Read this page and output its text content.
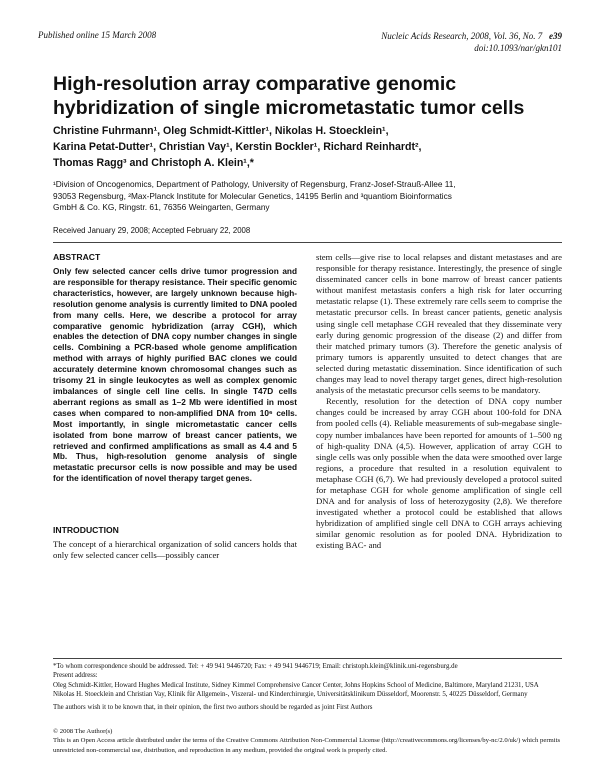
Published online 15 March 2008	Nucleic Acids Research, 2008, Vol. 36, No. 7 e39
doi:10.1093/nar/gkn101
High-resolution array comparative genomic
hybridization of single micrometastatic tumor cells
Christine Fuhrmann¹, Oleg Schmidt-Kittler¹, Nikolas H. Stoecklein¹,
Karina Petat-Dutter¹, Christian Vay¹, Kerstin Bockler¹, Richard Reinhardt²,
Thomas Ragg³ and Christoph A. Klein¹,*
¹Division of Oncogenomics, Department of Pathology, University of Regensburg, Franz-Josef-Strauß-Allee 11,
93053 Regensburg, ²Max-Planck Institute for Molecular Genetics, 14195 Berlin and ³quantiom Bioinformatics
GmbH & Co. KG, Ringstr. 61, 76356 Weingarten, Germany
Received January 29, 2008; Accepted February 22, 2008
ABSTRACT

Only few selected cancer cells drive tumor progression and are responsible for therapy resistance. Their specific genomic characteristics, however, are largely unknown because high-resolution genome analysis is currently limited to DNA pooled from many cells. Here, we describe a protocol for array comparative genomic hybridization (array CGH), which enables the detection of DNA copy number changes in single cells. Combining a PCR-based whole genome amplification method with arrays of highly purified BAC clones we could accurately determine known chromosomal changes such as trisomy 21 in single leukocytes as well as complex genomic imbalances of single cell line cells. In single T47D cells aberrant regions as small as 1–2 Mb were identified in most cases when compared to non-amplified DNA from 10⁶ cells. Most importantly, in single micrometastatic cancer cells isolated from bone marrow of breast cancer patients, we retrieved and confirmed amplifications as small as 4.4 and 5 Mb. Thus, high-resolution genome analysis of single metastatic precursor cells is now possible and may be used for the identification of novel therapy target genes.

INTRODUCTION

The concept of a hierarchical organization of solid cancers holds that only few selected cancer cells—possibly cancer

stem cells—give rise to local relapses and distant metastases and are responsible for therapy resistance. Interestingly, the presence of single disseminated cancer cells in bone marrow of breast cancer patients without manifest metastasis confers a high risk for later occurring metastatic relapse (1). These extremely rare cells seem to comprise the metastatic precursor cells. In breast cancer patients, genetic analysis using single cell metaphase CGH revealed that they disseminate very early during genomic progression of the disease (2) and differ from their matched primary tumors (3). Therefore the genetic analysis of primary tumors is apparently unsuited to detect changes that are selected during metastatic dissemination. Since identification of such changes may lead to novel therapy target genes, direct high-resolution analysis of the metastatic precursor cells seems to be mandatory.

Recently, resolution for the detection of DNA copy number changes could be increased by array CGH about 100-fold for DNA from pooled cells (4). Reliable measurements of sub-megabase single-copy number imbalances have been reported for amounts of 1–500 ng of high-quality DNA (4,5). However, application of array CGH to single cells was only possible when the data were smoothed over large regions, a procedure that resulted in a resolution equivalent to metaphase CGH (6,7). We had previously developed a protocol suited for metaphase CGH for whole genome amplification of single cell DNA and for analysis of loss of heterozygosity (2,8). We therefore investigated whether a protocol could be established that allows hybridization of amplified single cell DNA to CGH arrays achieving similar genomic resolution as for pooled DNA. Hybridization to existing BAC- and

*To whom correspondence should be addressed. Tel: + 49 941 9446720; Fax: + 49 941 9446719; Email: christoph.klein@klinik.uni-regensburg.de

Present address:

Oleg Schmidt-Kittler, Howard Hughes Medical Institute, Sidney Kimmel Comprehensive Cancer Center, Johns Hopkins School of Medicine, Baltimore, Maryland 21231, USA

Nikolas H. Stoecklein and Christian Vay, Klinik für Allgemein-, Viszeral- und Kinderchirurgie, Universitätsklinikum Düsseldorf, Moorenstr. 5, 40225 Düsseldorf, Germany

The authors wish it to be known that, in their opinion, the first two authors should be regarded as joint First Authors

© 2008 The Author(s)

This is an Open Access article distributed under the terms of the Creative Commons Attribution Non-Commercial License (http://creativecommons.org/licenses/by-nc/2.0/uk/) which permits unrestricted non-commercial use, distribution, and reproduction in any medium, provided the original work is properly cited.
